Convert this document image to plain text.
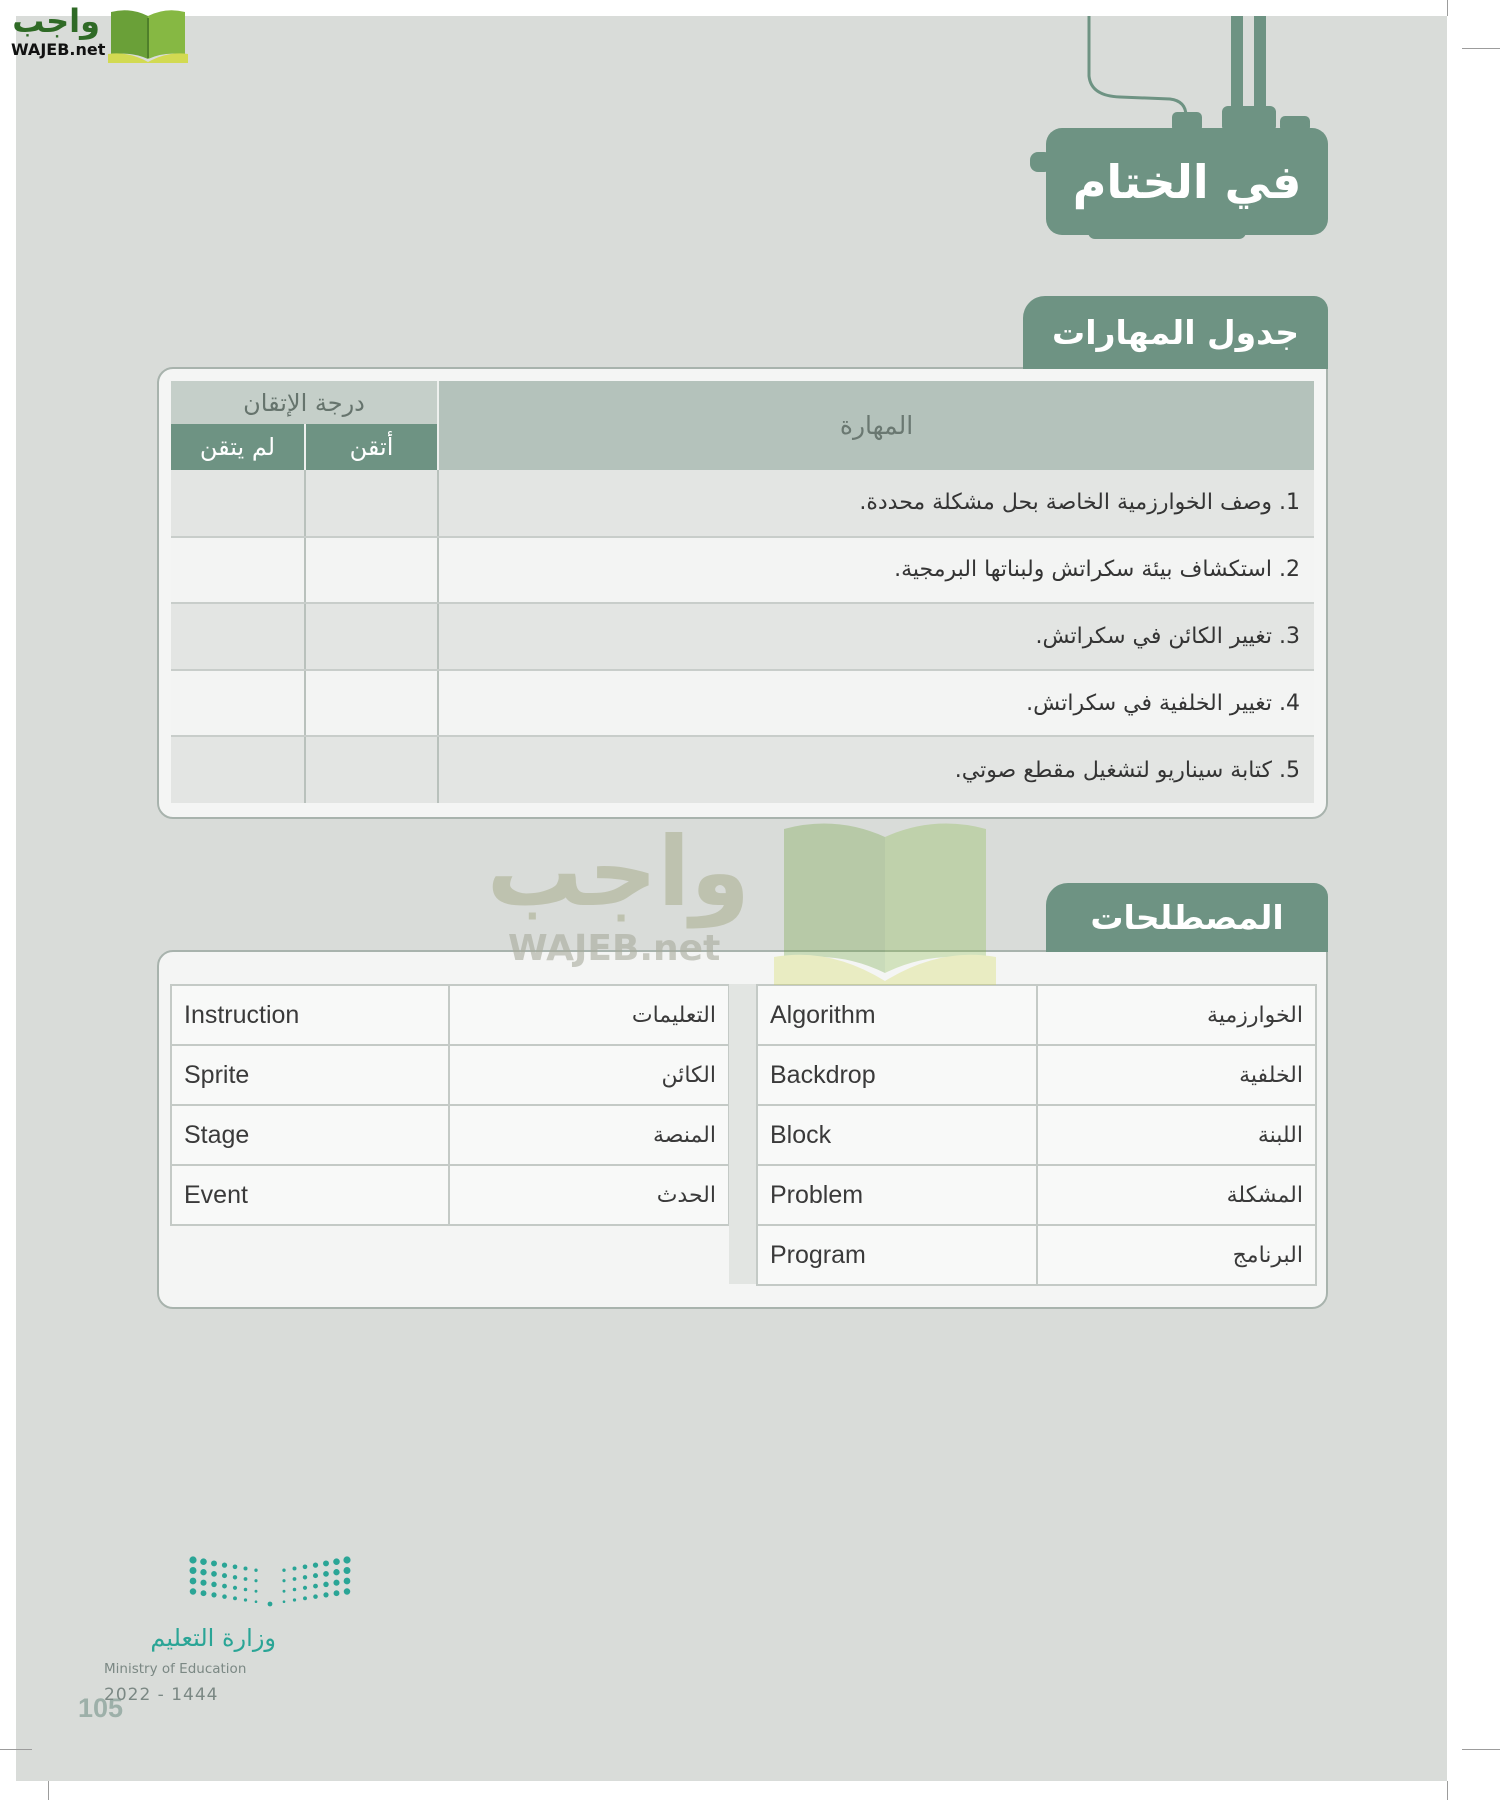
واجب
WAJEB.net
في الختام
جدول المهارات
المهارة	درجة الإتقان	
	أتقن	لم يتقن
1. وصف الخوارزمية الخاصة بحل مشكلة محددة.		
2. استكشاف بيئة سكراتش ولبناتها البرمجية.		
3. تغيير الكائن في سكراتش.		
4. تغيير الخلفية في سكراتش.		
5. كتابة سيناريو لتشغيل مقطع صوتي.		
المصطلحات
Instruction	التعليمات
Sprite	الكائن
Stage	المنصة
Event	الحدث
Algorithm	الخوارزمية
Backdrop	الخلفية
Block	اللبنة
Problem	المشكلة
Program	البرنامج
واجب
WAJEB.net
وزارة التعليم
Ministry of Education
105
2022 - 1444
